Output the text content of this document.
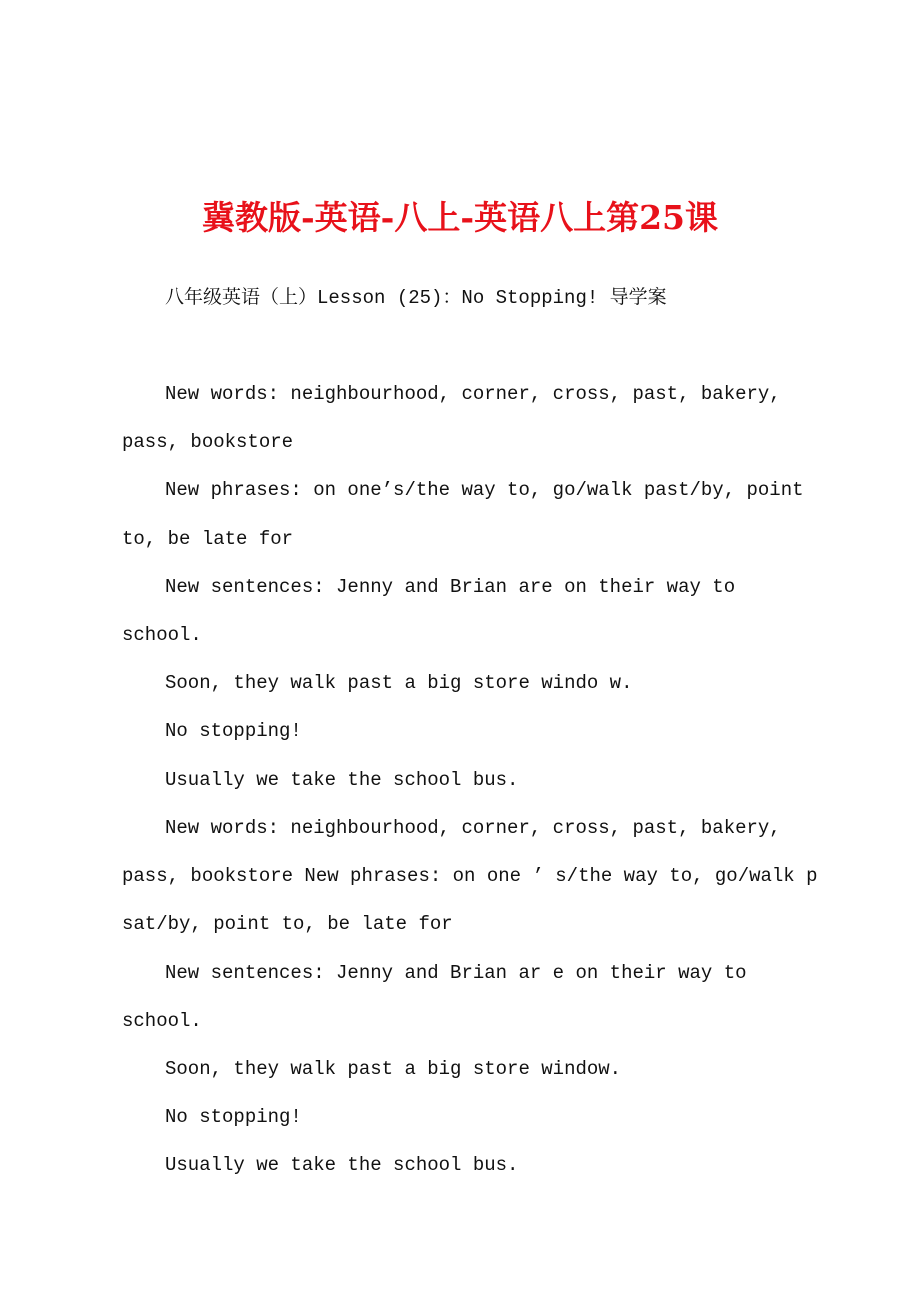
冀教版-英语-八上-英语八上第25课
八年级英语（上）Lesson (25)：No Stopping! 导学案

New words: neighbourhood, corner, cross, past, bakery, pass, bookstore

New phrases: on one’s/the way to, go/walk past/by, point to, be late for

New sentences: Jenny and Brian are on their way to school.

Soon, they walk past a big store windo w.

No stopping!

Usually we take the school bus.

New words: neighbourhood, corner, cross, past, bakery, pass, bookstore New phrases: on one ’ s/the way to, go/walk p sat/by, point to, be late for

New sentences: Jenny and Brian ar e on their way to school.

Soon, they walk past a big store window.

No stopping!

Usually we take the school bus.
